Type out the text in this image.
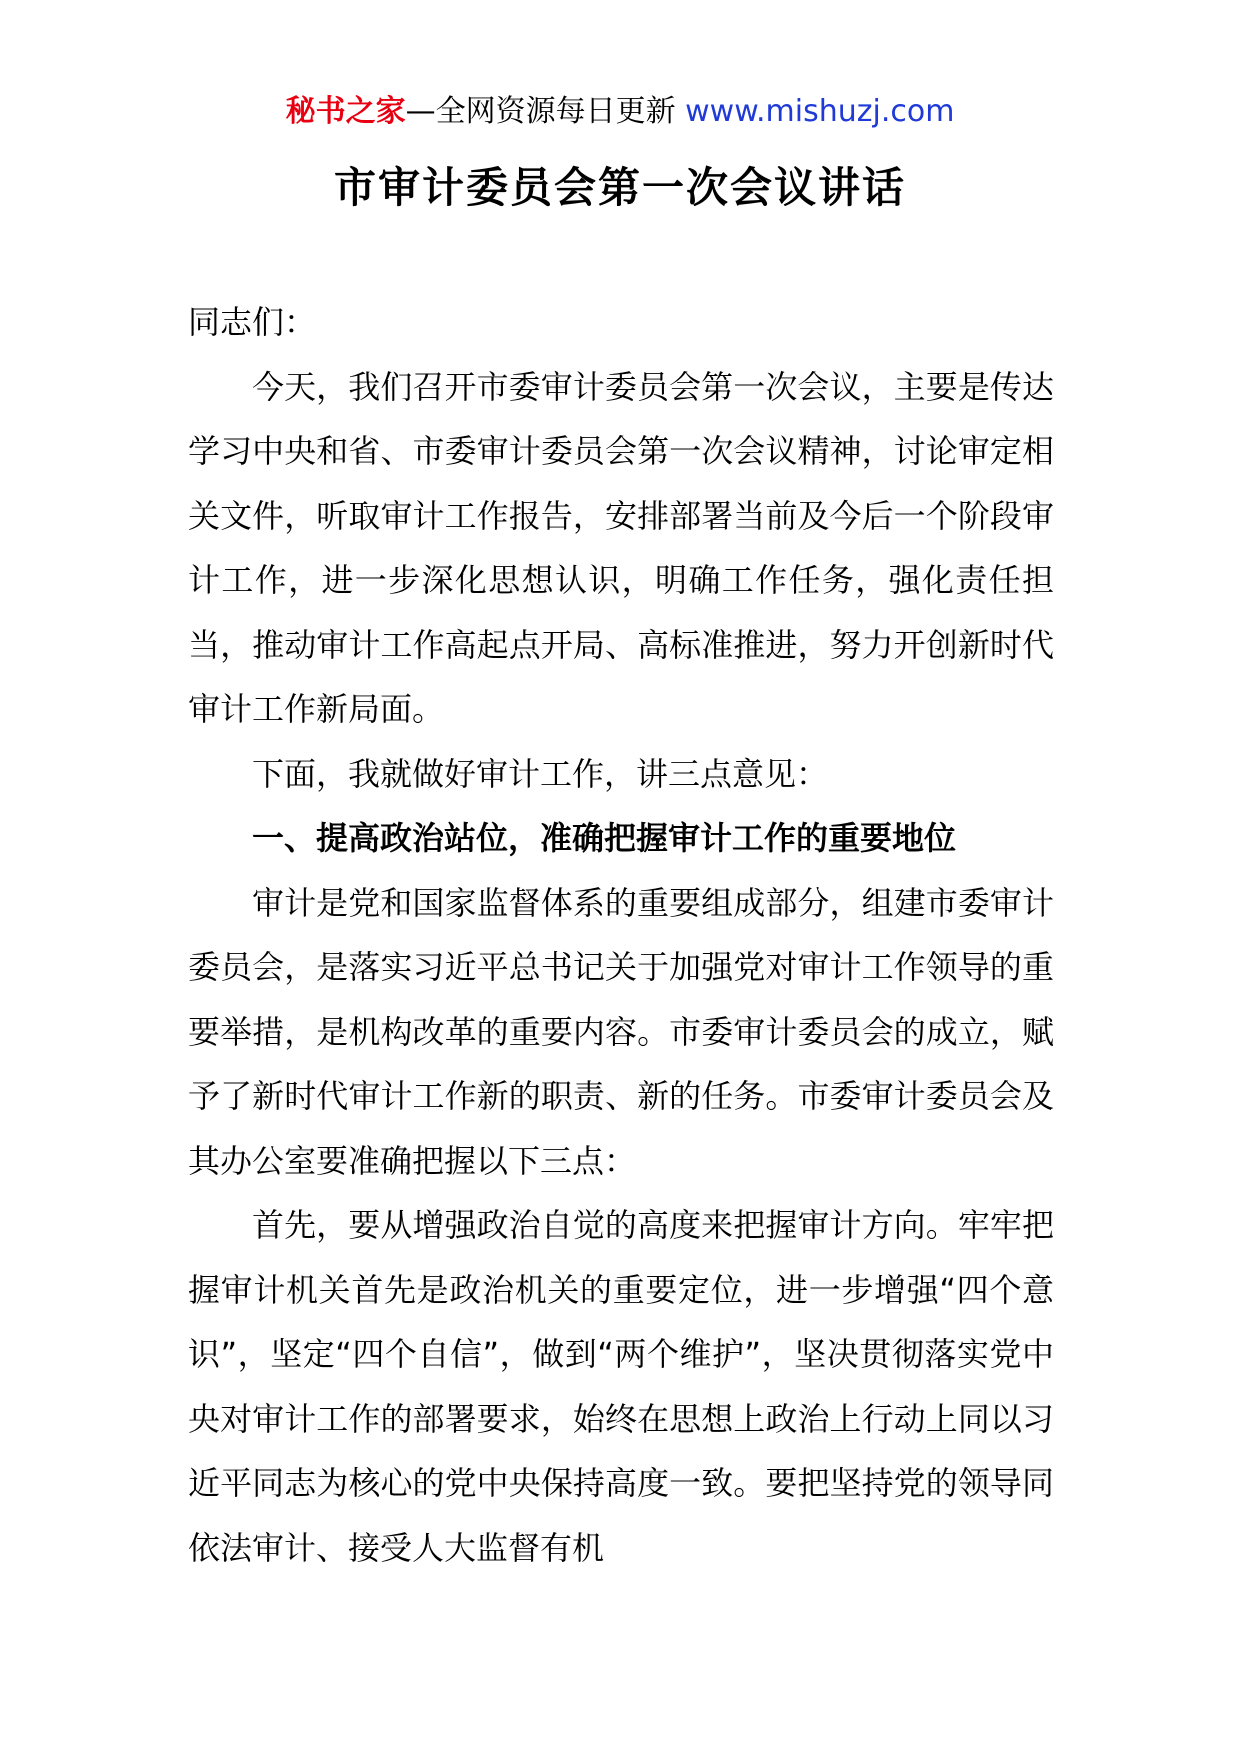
秘书之家—全网资源每日更新 www.mishuzj.com
市审计委员会第一次会议讲话

同志们：

今天，我们召开市委审计委员会第一次会议，主要是传达学习中央和省、市委审计委员会第一次会议精神，讨论审定相关文件，听取审计工作报告，安排部署当前及今后一个阶段审计工作，进一步深化思想认识，明确工作任务，强化责任担当，推动审计工作高起点开局、高标准推进，努力开创新时代审计工作新局面。

下面，我就做好审计工作，讲三点意见：

一、提高政治站位，准确把握审计工作的重要地位

审计是党和国家监督体系的重要组成部分，组建市委审计委员会，是落实习近平总书记关于加强党对审计工作领导的重要举措，是机构改革的重要内容。市委审计委员会的成立，赋予了新时代审计工作新的职责、新的任务。市委审计委员会及其办公室要准确把握以下三点：

首先，要从增强政治自觉的高度来把握审计方向。牢牢把握审计机关首先是政治机关的重要定位，进一步增强“四个意识”，坚定“四个自信”，做到“两个维护”，坚决贯彻落实党中央对审计工作的部署要求，始终在思想上政治上行动上同以习近平同志为核心的党中央保持高度一致。要把坚持党的领导同依法审计、接受人大监督有机
